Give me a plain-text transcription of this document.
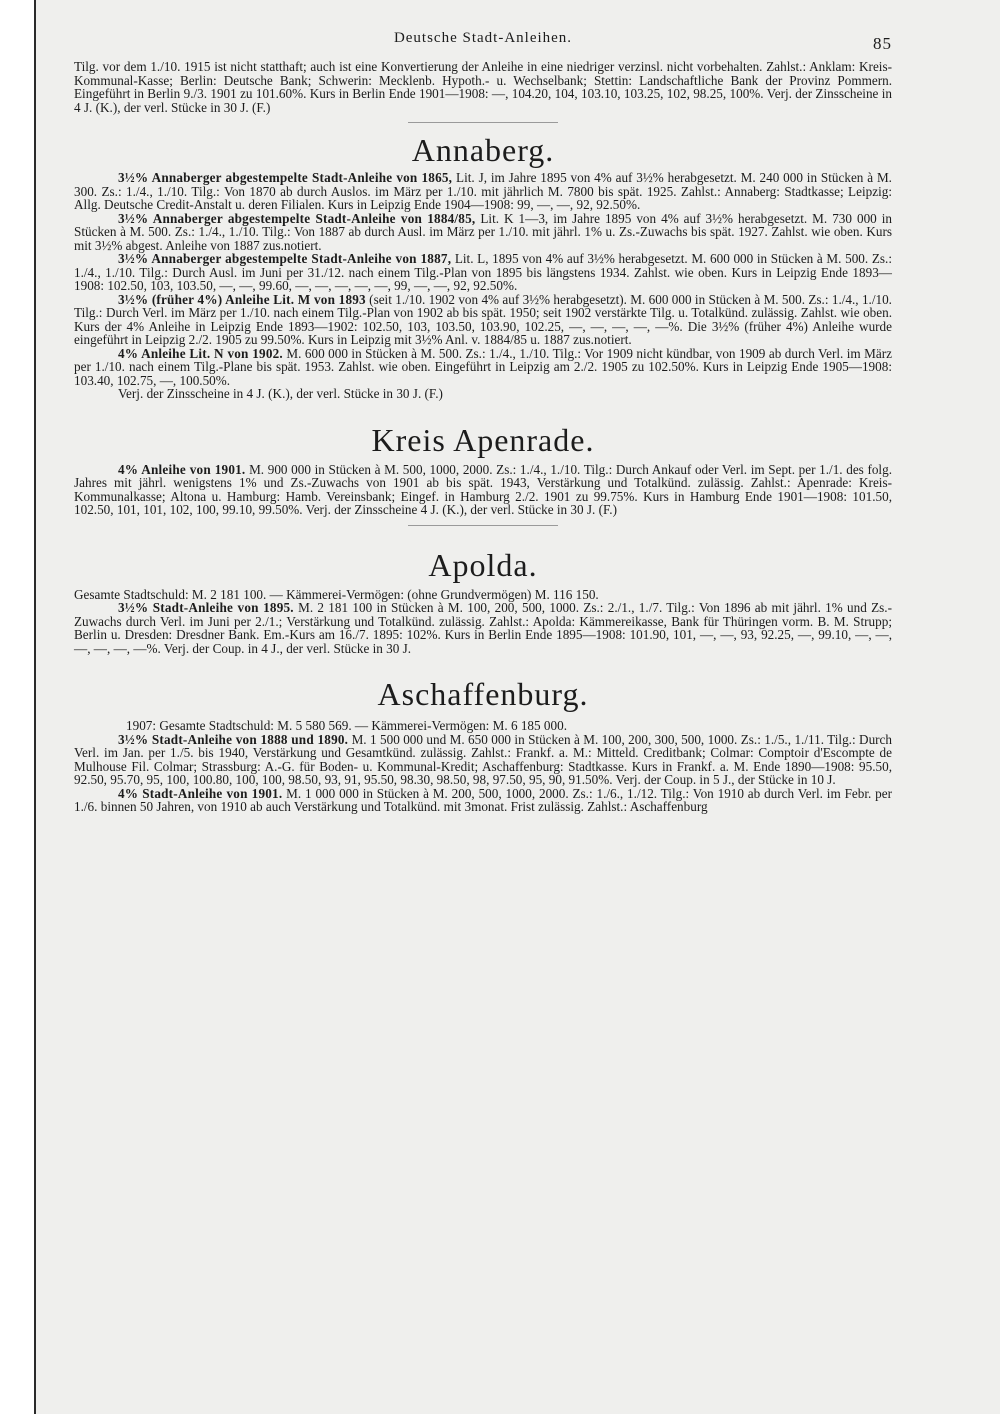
Deutsche Stadt-Anleihen.	85

Tilg. vor dem 1./10. 1915 ist nicht statthaft; auch ist eine Konvertierung der Anleihe in eine niedriger verzinsl. nicht vorbehalten. Zahlst.: Anklam: Kreis-Kommunal-Kasse; Berlin: Deutsche Bank; Schwerin: Mecklenb. Hypoth.- u. Wechselbank; Stettin: Landschaftliche Bank der Provinz Pommern. Eingeführt in Berlin 9./3. 1901 zu 101.60%. Kurs in Berlin Ende 1901—1908: —, 104.20, 104, 103.10, 103.25, 102, 98.25, 100%. Verj. der Zinsscheine in 4 J. (K.), der verl. Stücke in 30 J. (F.)

Annaberg.

3½% Annaberger abgestempelte Stadt-Anleihe von 1865, Lit. J, im Jahre 1895 von 4% auf 3½% herabgesetzt. M. 240 000 in Stücken à M. 300. Zs.: 1./4., 1./10. Tilg.: Von 1870 ab durch Auslos. im März per 1./10. mit jährlich M. 7800 bis spät. 1925. Zahlst.: Annaberg: Stadtkasse; Leipzig: Allg. Deutsche Credit-Anstalt u. deren Filialen. Kurs in Leipzig Ende 1904—1908: 99, —, —, 92, 92.50%.

3½% Annaberger abgestempelte Stadt-Anleihe von 1884/85, Lit. K 1—3, im Jahre 1895 von 4% auf 3½% herabgesetzt. M. 730 000 in Stücken à M. 500. Zs.: 1./4., 1./10. Tilg.: Von 1887 ab durch Ausl. im März per 1./10. mit jährl. 1% u. Zs.-Zuwachs bis spät. 1927. Zahlst. wie oben. Kurs mit 3½% abgest. Anleihe von 1887 zus.notiert.

3½% Annaberger abgestempelte Stadt-Anleihe von 1887, Lit. L, 1895 von 4% auf 3½% herabgesetzt. M. 600 000 in Stücken à M. 500. Zs.: 1./4., 1./10. Tilg.: Durch Ausl. im Juni per 31./12. nach einem Tilg.-Plan von 1895 bis längstens 1934. Zahlst. wie oben. Kurs in Leipzig Ende 1893—1908: 102.50, 103, 103.50, —, —, 99.60, —, —, —, —, —, 99, —, —, 92, 92.50%.

3½% (früher 4%) Anleihe Lit. M von 1893 (seit 1./10. 1902 von 4% auf 3½% herabgesetzt). M. 600 000 in Stücken à M. 500. Zs.: 1./4., 1./10. Tilg.: Durch Verl. im März per 1./10. nach einem Tilg.-Plan von 1902 ab bis spät. 1950; seit 1902 verstärkte Tilg. u. Totalkünd. zulässig. Zahlst. wie oben. Kurs der 4% Anleihe in Leipzig Ende 1893—1902: 102.50, 103, 103.50, 103.90, 102.25, —, —, —, —, —%. Die 3½% (früher 4%) Anleihe wurde eingeführt in Leipzig 2./2. 1905 zu 99.50%. Kurs in Leipzig mit 3½% Anl. v. 1884/85 u. 1887 zus.notiert.

4% Anleihe Lit. N von 1902. M. 600 000 in Stücken à M. 500. Zs.: 1./4., 1./10. Tilg.: Vor 1909 nicht kündbar, von 1909 ab durch Verl. im März per 1./10. nach einem Tilg.-Plane bis spät. 1953. Zahlst. wie oben. Eingeführt in Leipzig am 2./2. 1905 zu 102.50%. Kurs in Leipzig Ende 1905—1908: 103.40, 102.75, —, 100.50%.

Verj. der Zinsscheine in 4 J. (K.), der verl. Stücke in 30 J. (F.)

Kreis Apenrade.

4% Anleihe von 1901. M. 900 000 in Stücken à M. 500, 1000, 2000. Zs.: 1./4., 1./10. Tilg.: Durch Ankauf oder Verl. im Sept. per 1./1. des folg. Jahres mit jährl. wenigstens 1% und Zs.-Zuwachs von 1901 ab bis spät. 1943, Verstärkung und Totalkünd. zulässig. Zahlst.: Apenrade: Kreis-Kommunalkasse; Altona u. Hamburg: Hamb. Vereinsbank; Eingef. in Hamburg 2./2. 1901 zu 99.75%. Kurs in Hamburg Ende 1901—1908: 101.50, 102.50, 101, 101, 102, 100, 99.10, 99.50%. Verj. der Zinsscheine 4 J. (K.), der verl. Stücke in 30 J. (F.)

Apolda.

Gesamte Stadtschuld: M. 2 181 100. — Kämmerei-Vermögen: (ohne Grundvermögen) M. 116 150.

3½% Stadt-Anleihe von 1895. M. 2 181 100 in Stücken à M. 100, 200, 500, 1000. Zs.: 2./1., 1./7. Tilg.: Von 1896 ab mit jährl. 1% und Zs.-Zuwachs durch Verl. im Juni per 2./1.; Verstärkung und Totalkünd. zulässig. Zahlst.: Apolda: Kämmereikasse, Bank für Thüringen vorm. B. M. Strupp; Berlin u. Dresden: Dresdner Bank. Em.-Kurs am 16./7. 1895: 102%. Kurs in Berlin Ende 1895—1908: 101.90, 101, —, —, 93, 92.25, —, 99.10, —, —, —, —, —, —%. Verj. der Coup. in 4 J., der verl. Stücke in 30 J.

Aschaffenburg.

1907: Gesamte Stadtschuld: M. 5 580 569. — Kämmerei-Vermögen: M. 6 185 000.

3½% Stadt-Anleihe von 1888 und 1890. M. 1 500 000 und M. 650 000 in Stücken à M. 100, 200, 300, 500, 1000. Zs.: 1./5., 1./11. Tilg.: Durch Verl. im Jan. per 1./5. bis 1940, Verstärkung und Gesamtkünd. zulässig. Zahlst.: Frankf. a. M.: Mitteld. Creditbank; Colmar: Comptoir d'Escompte de Mulhouse Fil. Colmar; Strassburg: A.-G. für Boden- u. Kommunal-Kredit; Aschaffenburg: Stadtkasse. Kurs in Frankf. a. M. Ende 1890—1908: 95.50, 92.50, 95.70, 95, 100, 100.80, 100, 100, 98.50, 93, 91, 95.50, 98.30, 98.50, 98, 97.50, 95, 90, 91.50%. Verj. der Coup. in 5 J., der Stücke in 10 J.

4% Stadt-Anleihe von 1901. M. 1 000 000 in Stücken à M. 200, 500, 1000, 2000. Zs.: 1./6., 1./12. Tilg.: Von 1910 ab durch Verl. im Febr. per 1./6. binnen 50 Jahren, von 1910 ab auch Verstärkung und Totalkünd. mit 3monat. Frist zulässig. Zahlst.: Aschaffenburg
